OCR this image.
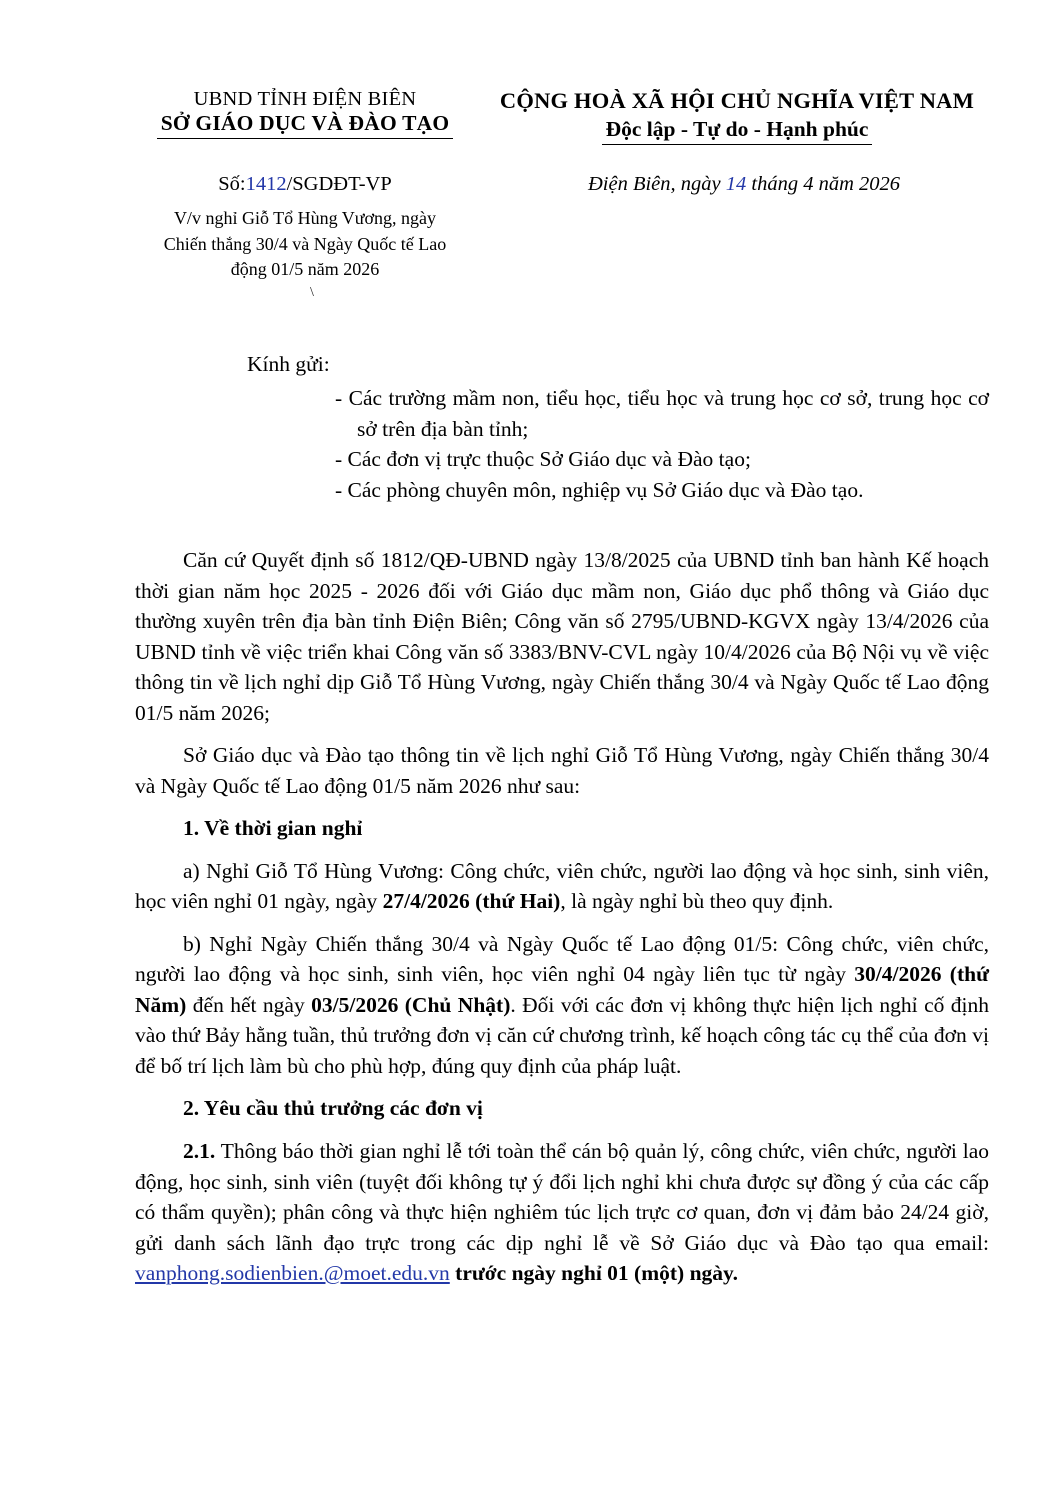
UBND TỈNH ĐIỆN BIÊN
SỞ GIÁO DỤC VÀ ĐÀO TẠO
CỘNG HOÀ XÃ HỘI CHỦ NGHĨA VIỆT NAM
Độc lập - Tự do - Hạnh phúc
Số:1412/SGDĐT-VP
V/v nghỉ Giỗ Tổ Hùng Vương, ngày Chiến thắng 30/4 và Ngày Quốc tế Lao động 01/5 năm 2026
\
Điện Biên, ngày 14 tháng 4 năm 2026
Kính gửi:
- Các trường mầm non, tiểu học, tiểu học và trung học cơ sở, trung học cơ sở trên địa bàn tỉnh;
- Các đơn vị trực thuộc Sở Giáo dục và Đào tạo;
- Các phòng chuyên môn, nghiệp vụ Sở Giáo dục và Đào tạo.

Căn cứ Quyết định số 1812/QĐ-UBND ngày 13/8/2025 của UBND tỉnh ban hành Kế hoạch thời gian năm học 2025 - 2026 đối với Giáo dục mầm non, Giáo dục phổ thông và Giáo dục thường xuyên trên địa bàn tỉnh Điện Biên; Công văn số 2795/UBND-KGVX ngày 13/4/2026 của UBND tỉnh về việc triển khai Công văn số 3383/BNV-CVL ngày 10/4/2026 của Bộ Nội vụ về việc thông tin về lịch nghỉ dịp Giỗ Tổ Hùng Vương, ngày Chiến thắng 30/4 và Ngày Quốc tế Lao động 01/5 năm 2026;

Sở Giáo dục và Đào tạo thông tin về lịch nghỉ Giỗ Tổ Hùng Vương, ngày Chiến thắng 30/4 và Ngày Quốc tế Lao động 01/5 năm 2026 như sau:

1. Về thời gian nghỉ

a) Nghỉ Giỗ Tổ Hùng Vương: Công chức, viên chức, người lao động và học sinh, sinh viên, học viên nghỉ 01 ngày, ngày 27/4/2026 (thứ Hai), là ngày nghỉ bù theo quy định.

b) Nghỉ Ngày Chiến thắng 30/4 và Ngày Quốc tế Lao động 01/5: Công chức, viên chức, người lao động và học sinh, sinh viên, học viên nghỉ 04 ngày liên tục từ ngày 30/4/2026 (thứ Năm) đến hết ngày 03/5/2026 (Chủ Nhật). Đối với các đơn vị không thực hiện lịch nghỉ cố định vào thứ Bảy hằng tuần, thủ trưởng đơn vị căn cứ chương trình, kế hoạch công tác cụ thể của đơn vị để bố trí lịch làm bù cho phù hợp, đúng quy định của pháp luật.

2. Yêu cầu thủ trưởng các đơn vị

2.1. Thông báo thời gian nghỉ lễ tới toàn thể cán bộ quản lý, công chức, viên chức, người lao động, học sinh, sinh viên (tuyệt đối không tự ý đổi lịch nghỉ khi chưa được sự đồng ý của các cấp có thẩm quyền); phân công và thực hiện nghiêm túc lịch trực cơ quan, đơn vị đảm bảo 24/24 giờ, gửi danh sách lãnh đạo trực trong các dịp nghỉ lễ về Sở Giáo dục và Đào tạo qua email: vanphong.sodienbien.@moet.edu.vn trước ngày nghỉ 01 (một) ngày.
